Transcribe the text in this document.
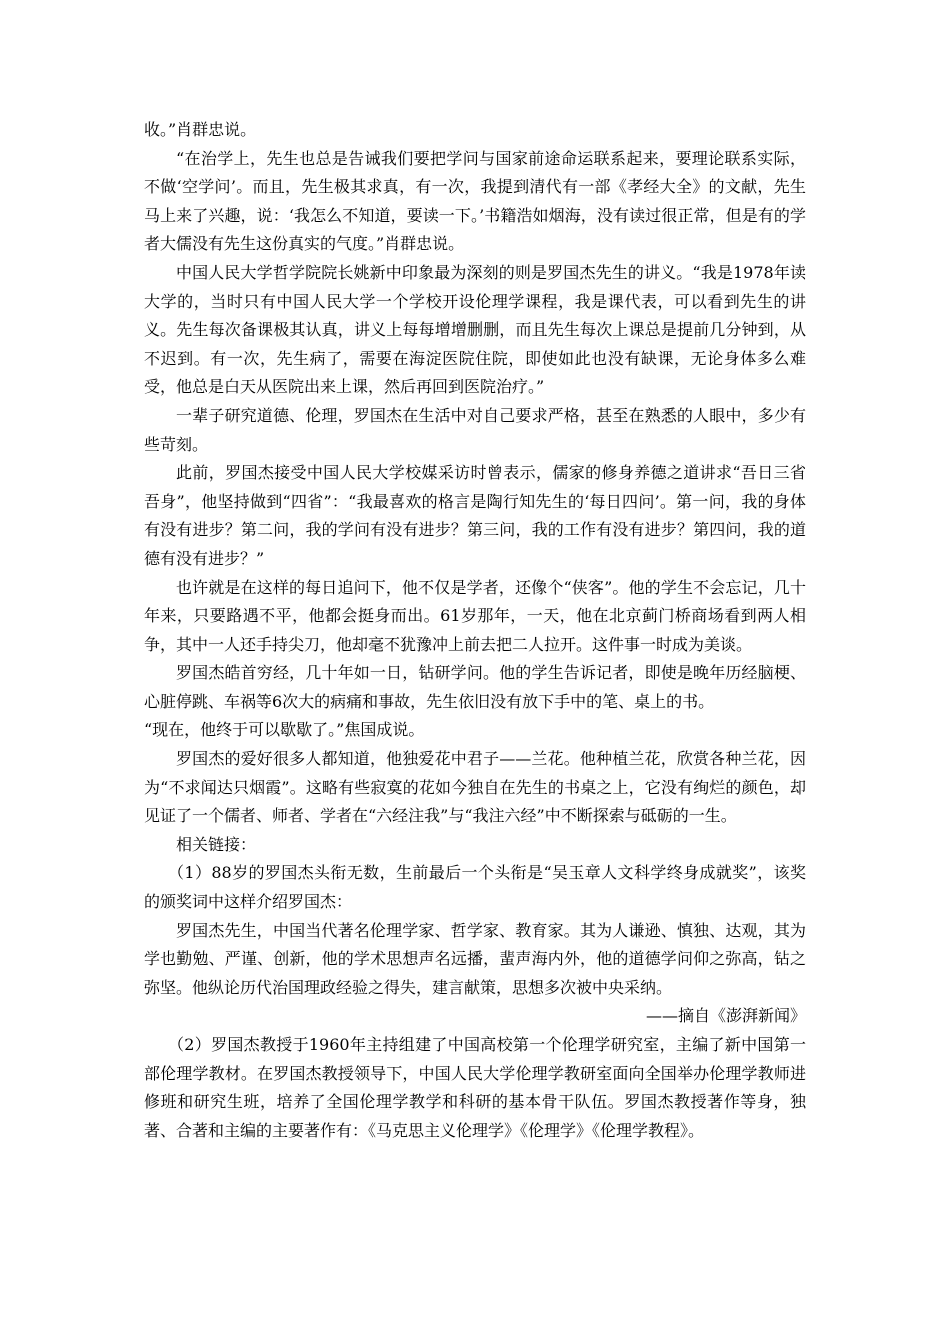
收。”肖群忠说。

“在治学上，先生也总是告诫我们要把学问与国家前途命运联系起来，要理论联系实际，不做‘空学问’。而且，先生极其求真，有一次，我提到清代有一部《孝经大全》的文献，先生马上来了兴趣，说：‘我怎么不知道，要读一下。’书籍浩如烟海，没有读过很正常，但是有的学者大儒没有先生这份真实的气度。”肖群忠说。

中国人民大学哲学院院长姚新中印象最为深刻的则是罗国杰先生的讲义。“我是1978年读大学的，当时只有中国人民大学一个学校开设伦理学课程，我是课代表，可以看到先生的讲义。先生每次备课极其认真，讲义上每每增增删删，而且先生每次上课总是提前几分钟到，从不迟到。有一次，先生病了，需要在海淀医院住院，即使如此也没有缺课，无论身体多么难受，他总是白天从医院出来上课，然后再回到医院治疗。”

一辈子研究道德、伦理，罗国杰在生活中对自己要求严格，甚至在熟悉的人眼中，多少有些苛刻。

此前，罗国杰接受中国人民大学校媒采访时曾表示，儒家的修身养德之道讲求“吾日三省吾身”，他坚持做到“四省”：“我最喜欢的格言是陶行知先生的‘每日四问’。第一问，我的身体有没有进步？第二问，我的学问有没有进步？第三问，我的工作有没有进步？第四问，我的道德有没有进步？”

也许就是在这样的每日追问下，他不仅是学者，还像个“侠客”。他的学生不会忘记，几十年来，只要路遇不平，他都会挺身而出。61岁那年，一天，他在北京蓟门桥商场看到两人相争，其中一人还手持尖刀，他却毫不犹豫冲上前去把二人拉开。这件事一时成为美谈。

罗国杰皓首穷经，几十年如一日，钻研学问。他的学生告诉记者，即使是晚年历经脑梗、心脏停跳、车祸等6次大的病痛和事故，先生依旧没有放下手中的笔、桌上的书。

“现在，他终于可以歇歇了。”焦国成说。

罗国杰的爱好很多人都知道，他独爱花中君子——兰花。他种植兰花，欣赏各种兰花，因为“不求闻达只烟霞”。这略有些寂寞的花如今独自在先生的书桌之上，它没有绚烂的颜色，却见证了一个儒者、师者、学者在“六经注我”与“我注六经”中不断探索与砥砺的一生。

相关链接：

（1）88岁的罗国杰头衔无数，生前最后一个头衔是“吴玉章人文科学终身成就奖”，该奖的颁奖词中这样介绍罗国杰：

罗国杰先生，中国当代著名伦理学家、哲学家、教育家。其为人谦逊、慎独、达观，其为学也勤勉、严谨、创新，他的学术思想声名远播，蜚声海内外，他的道德学问仰之弥高，钻之弥坚。他纵论历代治国理政经验之得失，建言献策，思想多次被中央采纳。

——摘自《澎湃新闻》

（2）罗国杰教授于1960年主持组建了中国高校第一个伦理学研究室，主编了新中国第一部伦理学教材。在罗国杰教授领导下，中国人民大学伦理学教研室面向全国举办伦理学教师进修班和研究生班，培养了全国伦理学教学和科研的基本骨干队伍。罗国杰教授著作等身，独著、合著和主编的主要著作有：《马克思主义伦理学》《伦理学》《伦理学教程》。
